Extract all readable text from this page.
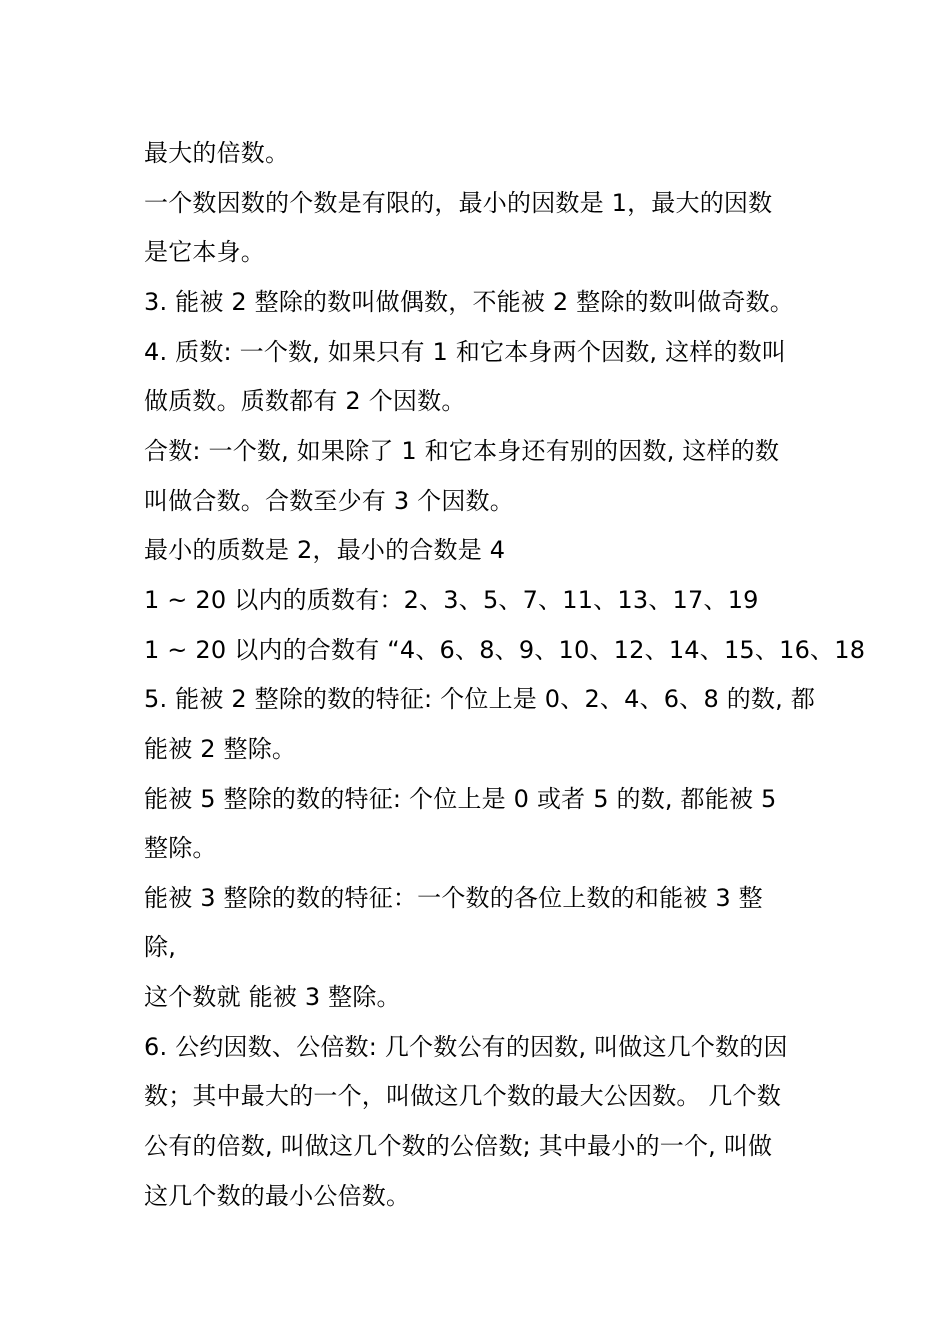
最大的倍数。
一个数因数的个数是有限的，最小的因数是 1，最大的因数
是它本身。
3. 能被 2 整除的数叫做偶数，不能被 2 整除的数叫做奇数。
4. 质数: 一个数, 如果只有 1 和它本身两个因数, 这样的数叫
做质数。质数都有 2 个因数。
合数: 一个数, 如果除了 1 和它本身还有别的因数, 这样的数
叫做合数。合数至少有 3 个因数。
最小的质数是 2，最小的合数是 4
1 ~ 20 以内的质数有：2、3、5、7、11、13、17、19
1 ~ 20 以内的合数有 “4、6、8、9、10、12、14、15、16、18
5. 能被 2 整除的数的特征: 个位上是 0、2、4、6、8 的数, 都
能被 2 整除。
能被 5 整除的数的特征: 个位上是 0 或者 5 的数, 都能被 5
整除。
能被 3 整除的数的特征：一个数的各位上数的和能被 3 整
除,
这个数就 能被 3 整除。
6. 公约因数、公倍数: 几个数公有的因数, 叫做这几个数的因
数；其中最大的一个，叫做这几个数的最大公因数。 几个数
公有的倍数, 叫做这几个数的公倍数; 其中最小的一个, 叫做
这几个数的最小公倍数。
